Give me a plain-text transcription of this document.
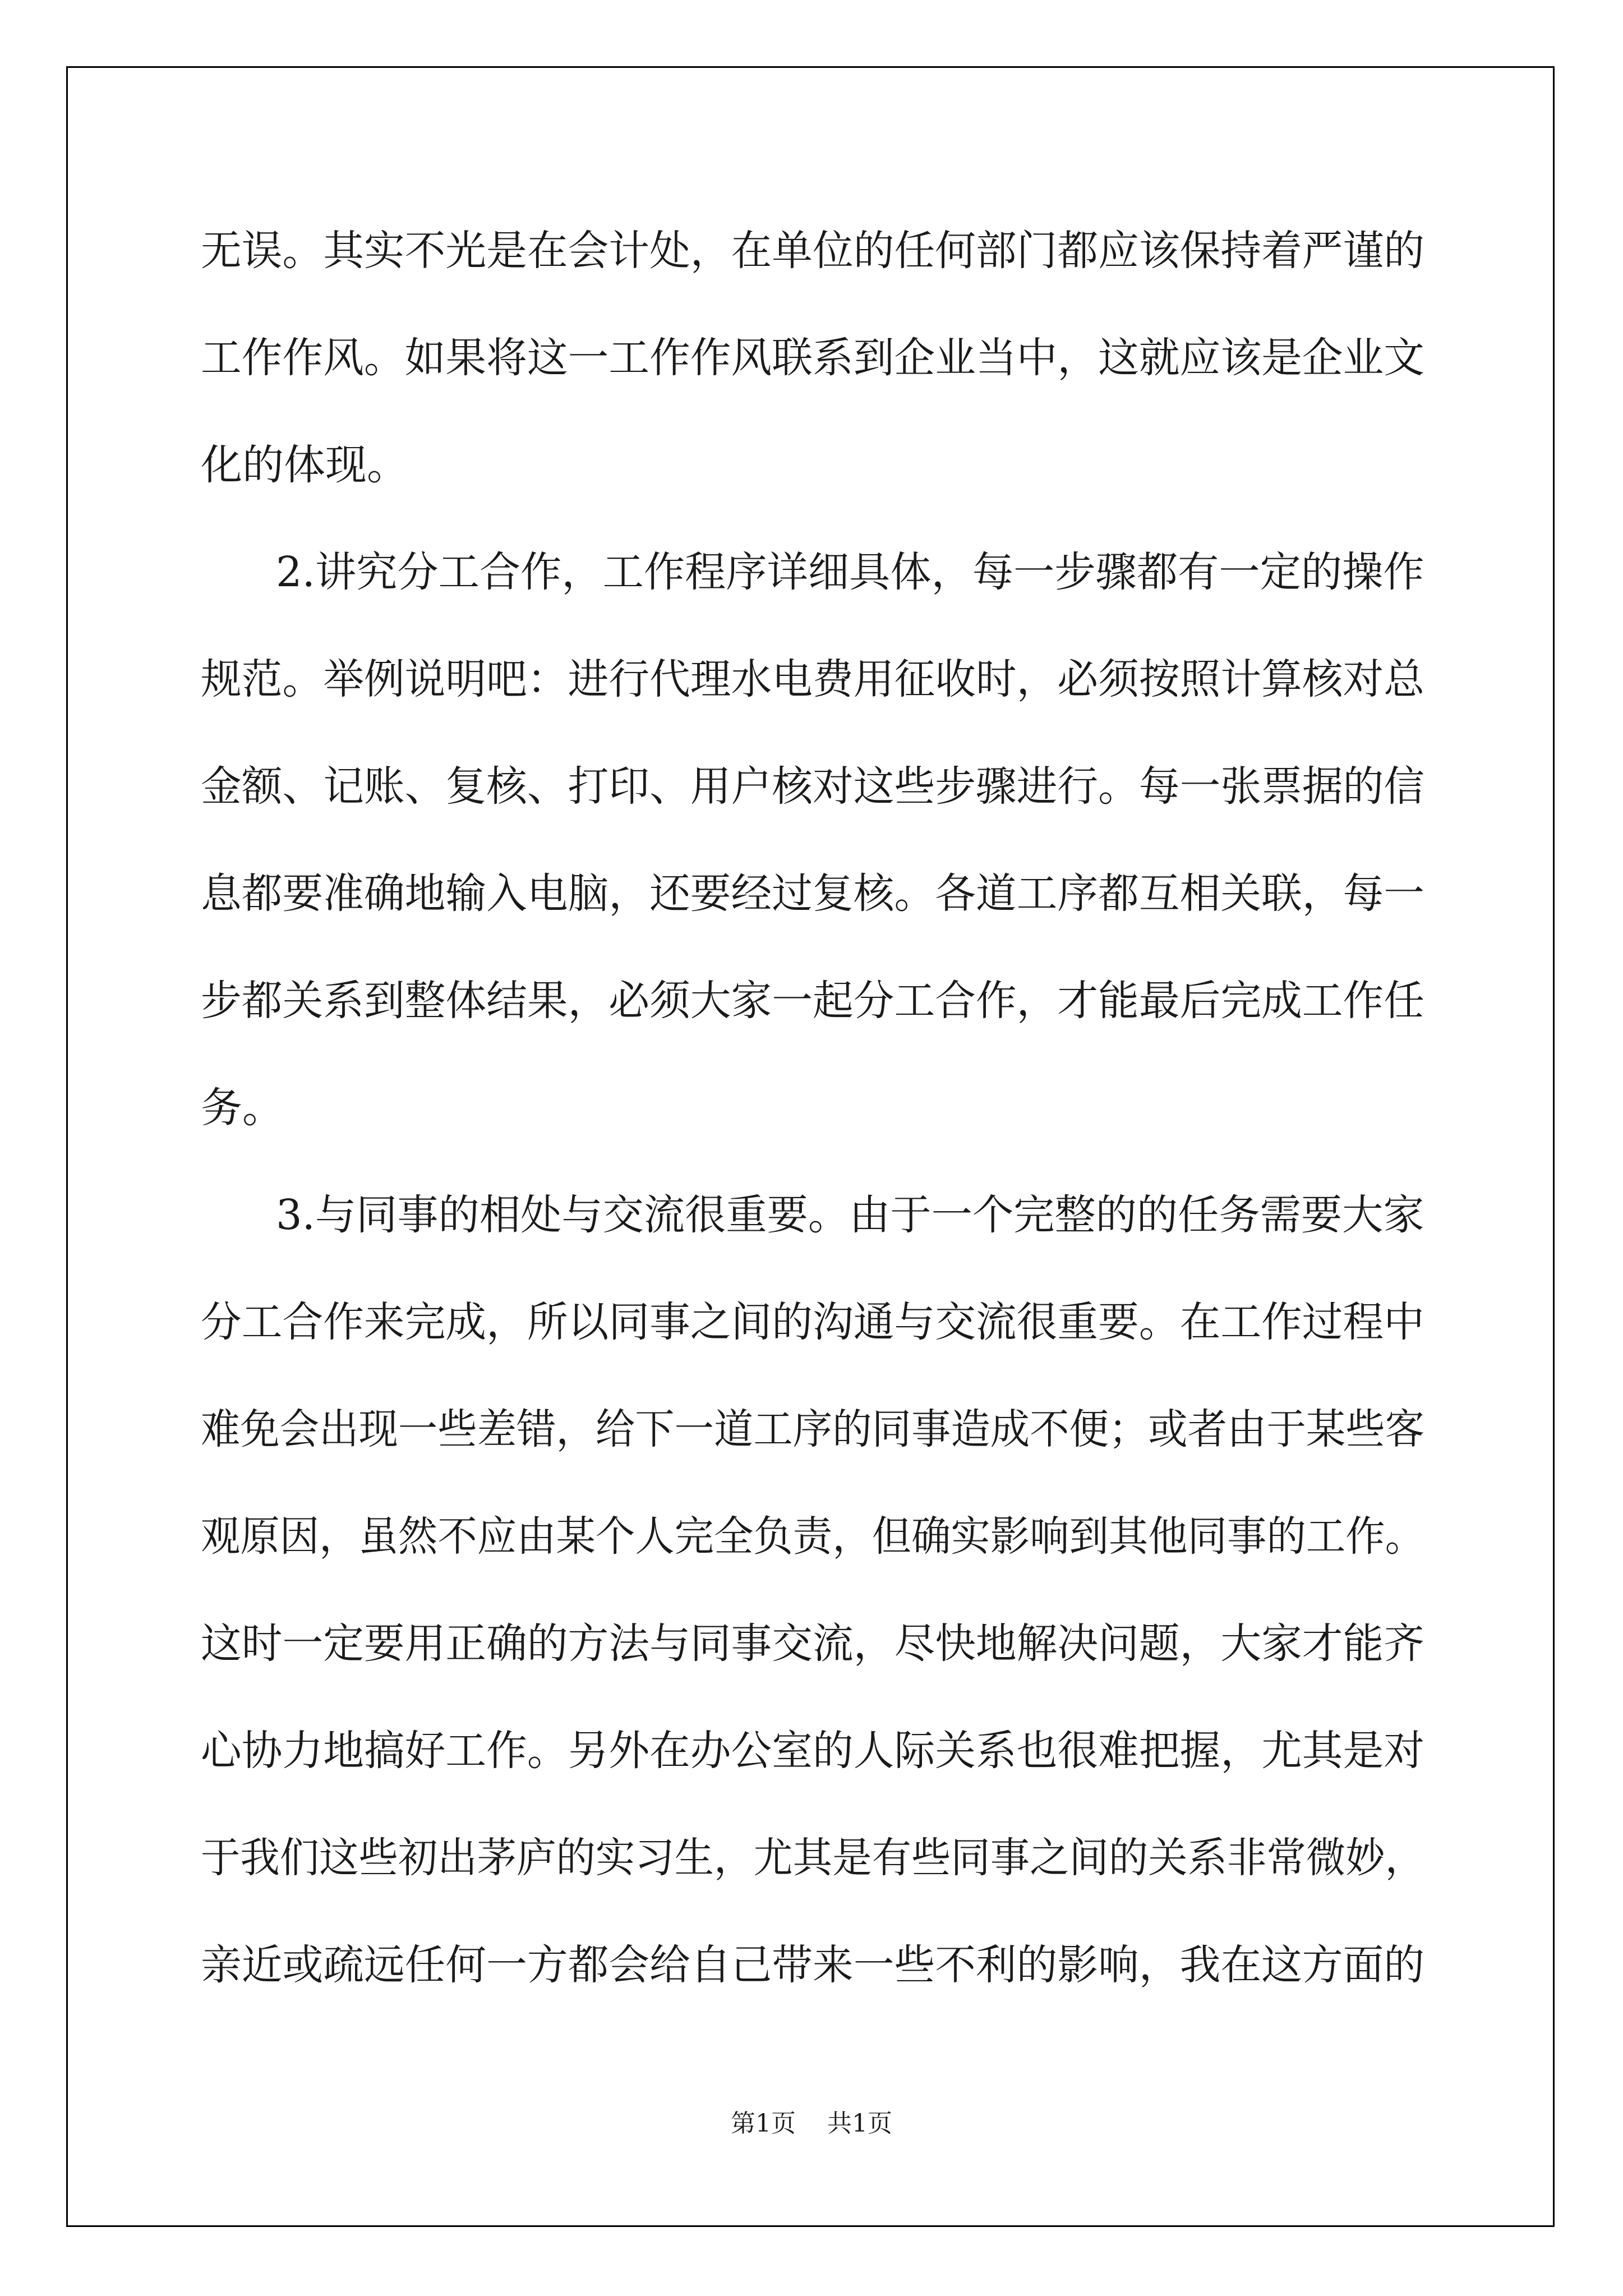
无误。其实不光是在会计处，在单位的任何部门都应该保持着严谨的
工作作风。如果将这一工作作风联系到企业当中，这就应该是企业文
化的体现。
2.讲究分工合作，工作程序详细具体，每一步骤都有一定的操作
规范。举例说明吧：进行代理水电费用征收时，必须按照计算核对总
金额、记账、复核、打印、用户核对这些步骤进行。每一张票据的信
息都要准确地输入电脑，还要经过复核。各道工序都互相关联，每一
步都关系到整体结果，必须大家一起分工合作，才能最后完成工作任
务。
3.与同事的相处与交流很重要。由于一个完整的的任务需要大家
分工合作来完成，所以同事之间的沟通与交流很重要。在工作过程中
难免会出现一些差错，给下一道工序的同事造成不便；或者由于某些客
观原因，虽然不应由某个人完全负责，但确实影响到其他同事的工作。
这时一定要用正确的方法与同事交流，尽快地解决问题，大家才能齐
心协力地搞好工作。另外在办公室的人际关系也很难把握，尤其是对
于我们这些初出茅庐的实习生，尤其是有些同事之间的关系非常微妙，
亲近或疏远任何一方都会给自己带来一些不利的影响，我在这方面的
第1页 共1页
